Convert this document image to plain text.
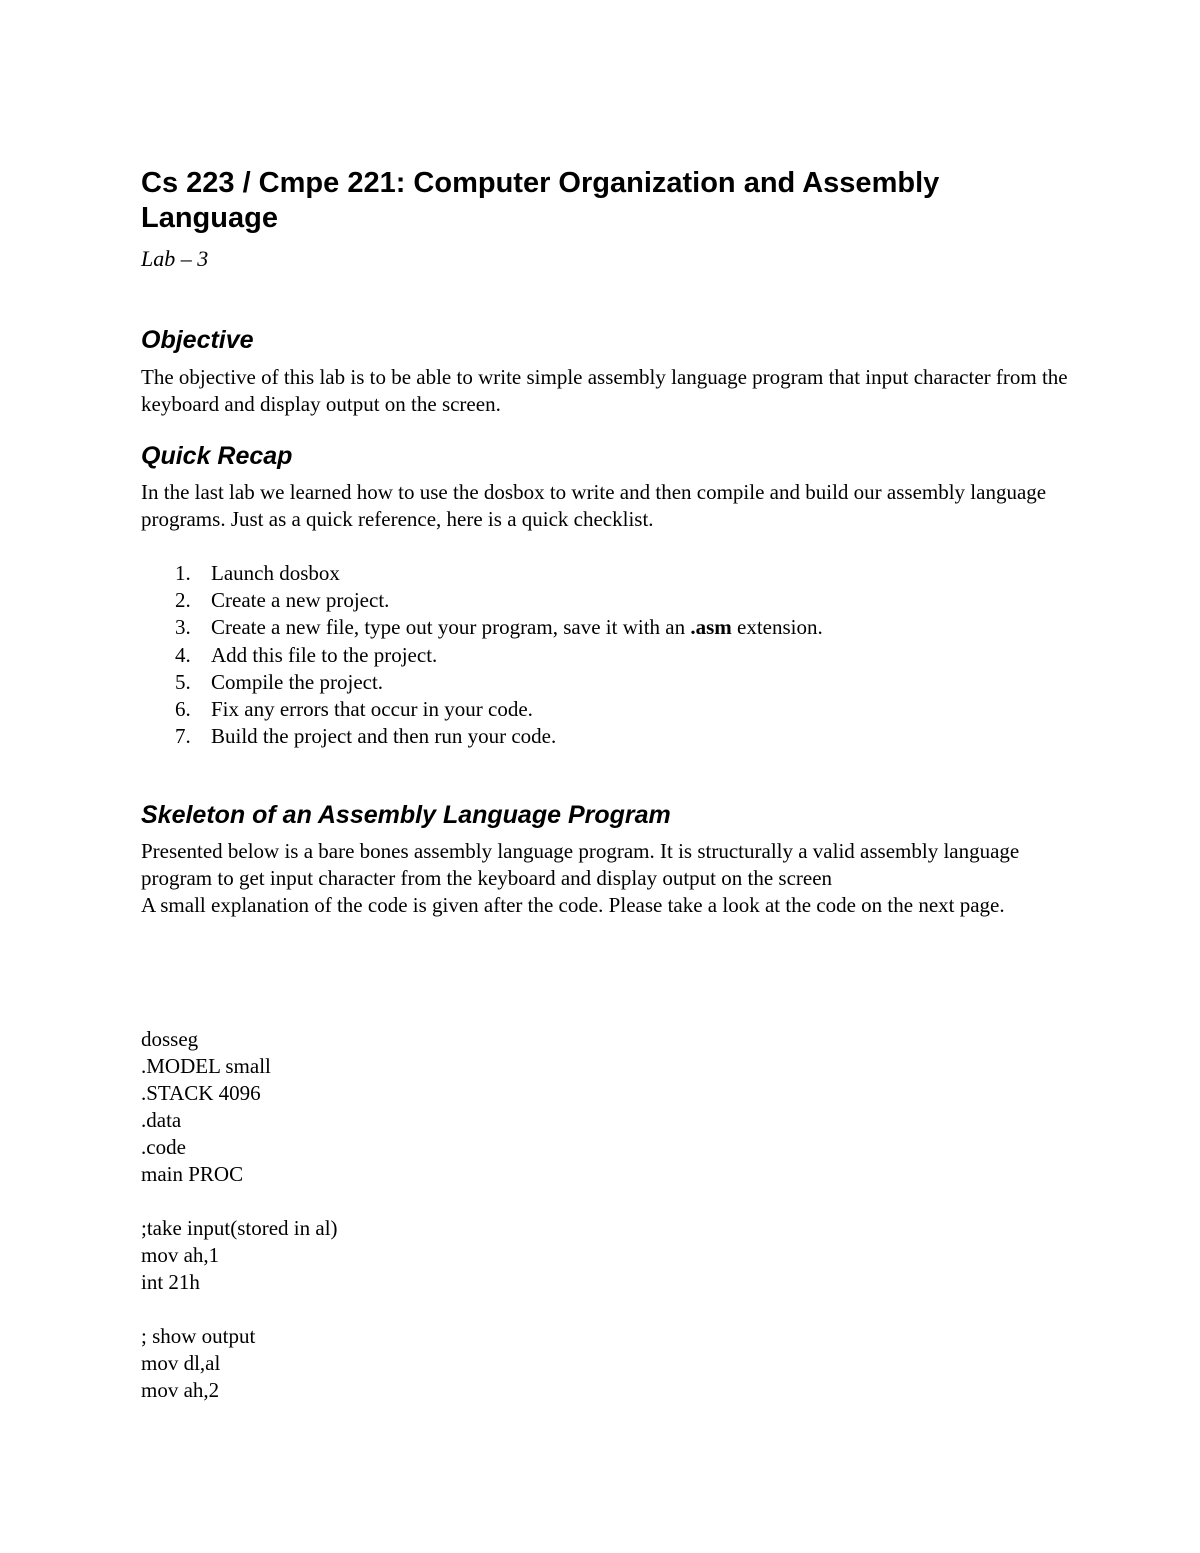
Cs 223 / Cmpe 221: Computer Organization and Assembly Language

Lab – 3

Objective

The objective of this lab is to be able to write simple assembly language program that input character from the keyboard and display output on the screen.

Quick Recap

In the last lab we learned how to use the dosbox to write and then compile and build our assembly language programs. Just as a quick reference, here is a quick checklist.

1. Launch dosbox
2. Create a new project.
3. Create a new file, type out your program, save it with an .asm extension.
4. Add this file to the project.
5. Compile the project.
6. Fix any errors that occur in your code.
7. Build the project and then run your code.
Skeleton of an Assembly Language Program

Presented below is a bare bones assembly language program. It is structurally a valid assembly language program to get input character from the keyboard and display output on the screen

A small explanation of the code is given after the code. Please take a look at the code on the next page.

dosseg
.MODEL small
.STACK 4096
.data
.code
main PROC
;take input(stored in al)
mov ah,1
int 21h
; show output
mov dl,al
mov ah,2
